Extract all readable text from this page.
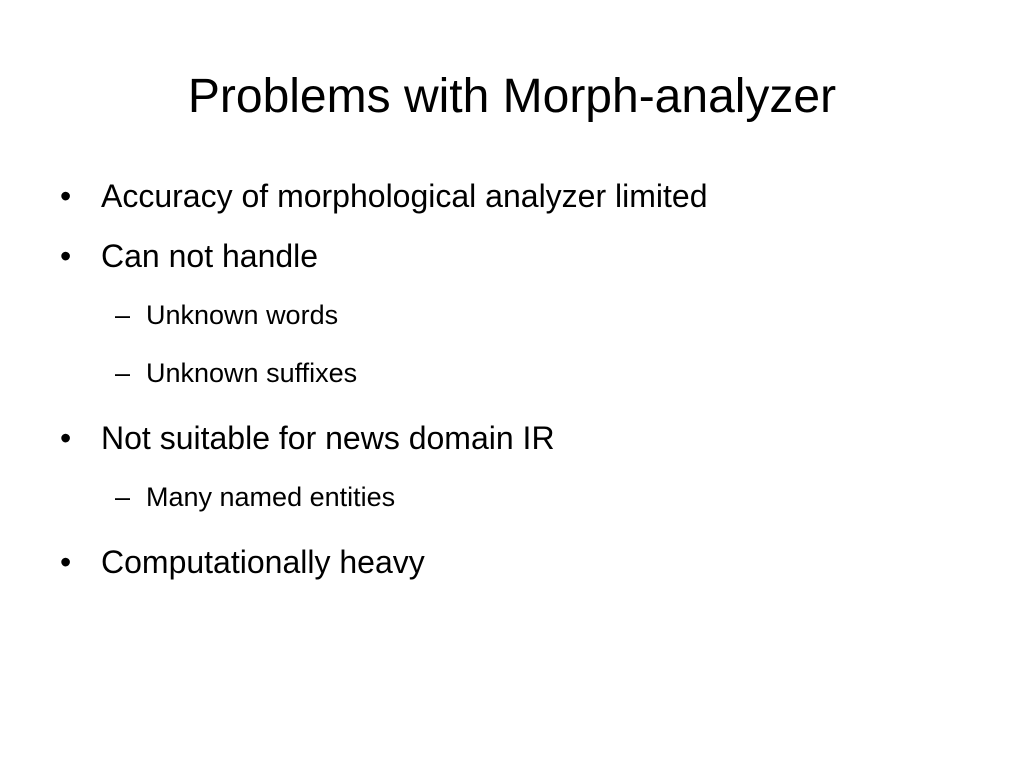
Problems with Morph-analyzer
• Accuracy of morphological analyzer limited
• Can not handle
– Unknown words
– Unknown suffixes
• Not suitable for news domain IR
– Many named entities
• Computationally heavy
